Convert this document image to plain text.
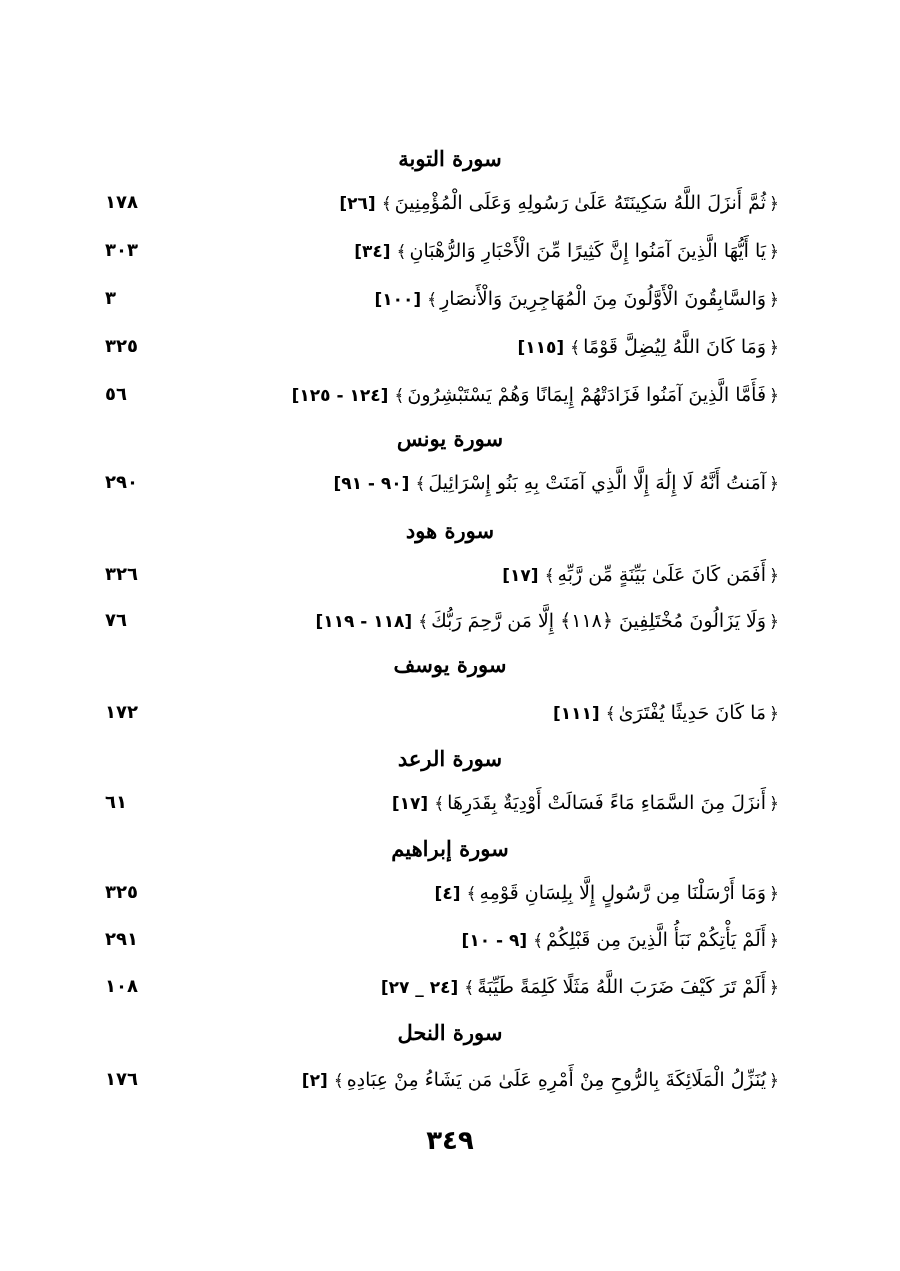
سورة التوبة
﴿ثُمَّ أَنزَلَ اللَّهُ سَكِينَتَهُ عَلَىٰ رَسُولِهِ وَعَلَى الْمُؤْمِنِينَ﴾[٢٦]
١٧٨
﴿يَا أَيُّهَا الَّذِينَ آمَنُوا إِنَّ كَثِيرًا مِّنَ الْأَحْبَارِ وَالرُّهْبَانِ﴾[٣٤]
٣٠٣
﴿وَالسَّابِقُونَ الْأَوَّلُونَ مِنَ الْمُهَاجِرِينَ وَالْأَنصَارِ﴾[١٠٠]
٣
﴿وَمَا كَانَ اللَّهُ لِيُضِلَّ قَوْمًا﴾[١١٥]
٣٢٥
﴿فَأَمَّا الَّذِينَ آمَنُوا فَزَادَتْهُمْ إِيمَانًا وَهُمْ يَسْتَبْشِرُونَ﴾[١٢٤ - ١٢٥]
٥٦
سورة يونس
﴿آمَنتُ أَنَّهُ لَا إِلَٰهَ إِلَّا الَّذِي آمَنَتْ بِهِ بَنُو إِسْرَائِيلَ﴾[٩٠ - ٩١]
٢٩٠
سورة هود
﴿أَفَمَن كَانَ عَلَىٰ بَيِّنَةٍ مِّن رَّبِّهِ﴾[١٧]
٣٢٦
﴿وَلَا يَزَالُونَ مُخْتَلِفِينَ ﴿١١٨﴾ إِلَّا مَن رَّحِمَ رَبُّكَ﴾[١١٨ - ١١٩]
٧٦
سورة يوسف
﴿مَا كَانَ حَدِيثًا يُفْتَرَىٰ﴾[١١١]
١٧٢
سورة الرعد
﴿أَنزَلَ مِنَ السَّمَاءِ مَاءً فَسَالَتْ أَوْدِيَةٌ بِقَدَرِهَا﴾[١٧]
٦١
سورة إبراهيم
﴿وَمَا أَرْسَلْنَا مِن رَّسُولٍ إِلَّا بِلِسَانِ قَوْمِهِ﴾[٤]
٣٢٥
﴿أَلَمْ يَأْتِكُمْ نَبَأُ الَّذِينَ مِن قَبْلِكُمْ﴾[٩ - ١٠]
٢٩١
﴿أَلَمْ تَرَ كَيْفَ ضَرَبَ اللَّهُ مَثَلًا كَلِمَةً طَيِّبَةً﴾[٢٤ _ ٢٧]
١٠٨
سورة النحل
﴿يُنَزِّلُ الْمَلَائِكَةَ بِالرُّوحِ مِنْ أَمْرِهِ عَلَىٰ مَن يَشَاءُ مِنْ عِبَادِهِ﴾[٢]
١٧٦
٣٤٩
